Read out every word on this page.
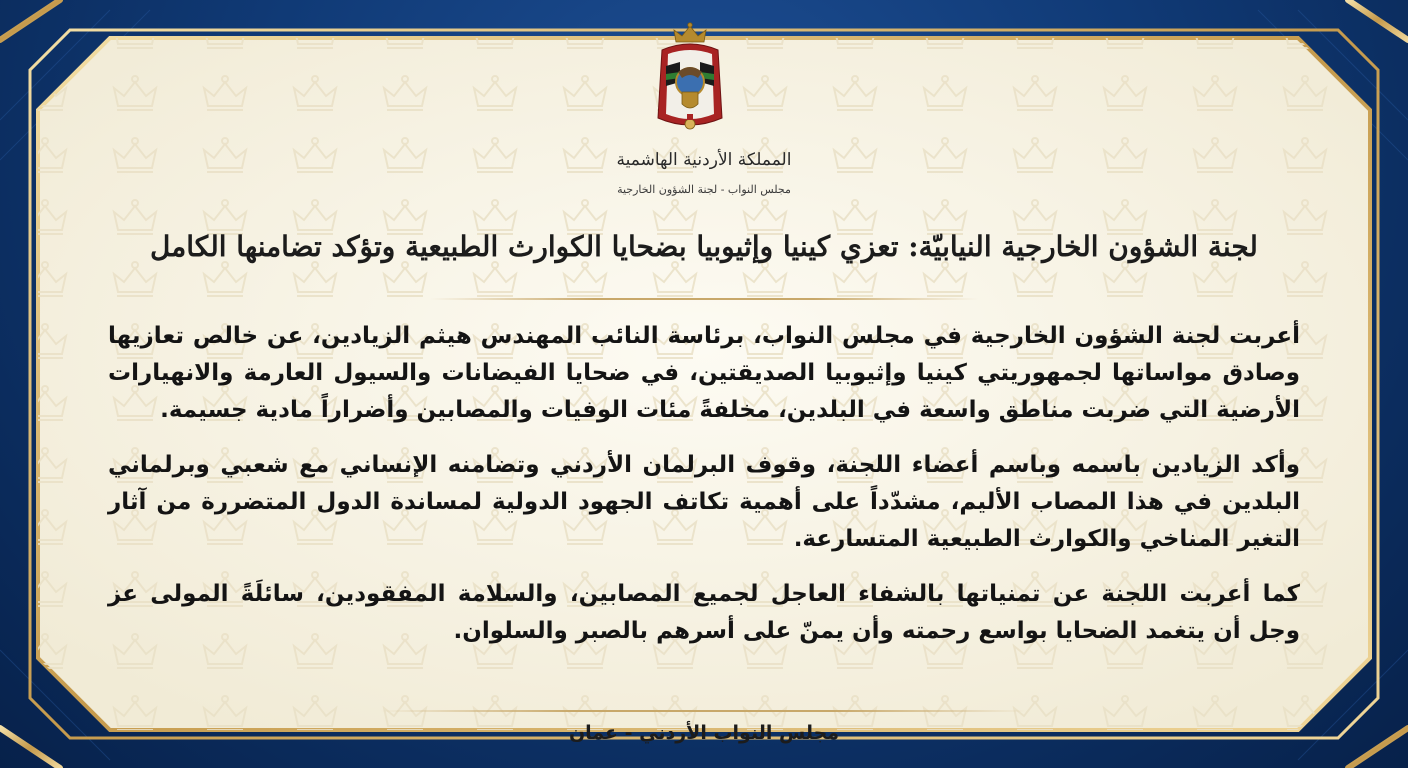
المملكة الأردنية الهاشمية

مجلس النواب - لجنة الشؤون الخارجية

لجنة الشؤون الخارجية النيابيّة: تعزي كينيا وإثيوبيا بضحايا الكوارث الطبيعية وتؤكد تضامنها الكامل

أعربت لجنة الشؤون الخارجية في مجلس النواب، برئاسة النائب المهندس هيثم الزيادين، عن خالص تعازيها وصادق مواساتها لجمهوريتي كينيا وإثيوبيا الصديقتين، في ضحايا الفيضانات والسيول العارمة والانهيارات الأرضية التي ضربت مناطق واسعة في البلدين، مخلفةً مئات الوفيات والمصابين وأضراراً مادية جسيمة.

وأكد الزيادين باسمه وباسم أعضاء اللجنة، وقوف البرلمان الأردني وتضامنه الإنساني مع شعبي وبرلماني البلدين في هذا المصاب الأليم، مشدّداً على أهمية تكاتف الجهود الدولية لمساندة الدول المتضررة من آثار التغير المناخي والكوارث الطبيعية المتسارعة.

كما أعربت اللجنة عن تمنياتها بالشفاء العاجل لجميع المصابين، والسلامة المفقودين، سائلَةً المولى عز وجل أن يتغمد الضحايا بواسع رحمته وأن يمنّ على أسرهم بالصبر والسلوان.

مجلس النواب الأردني - عمان
